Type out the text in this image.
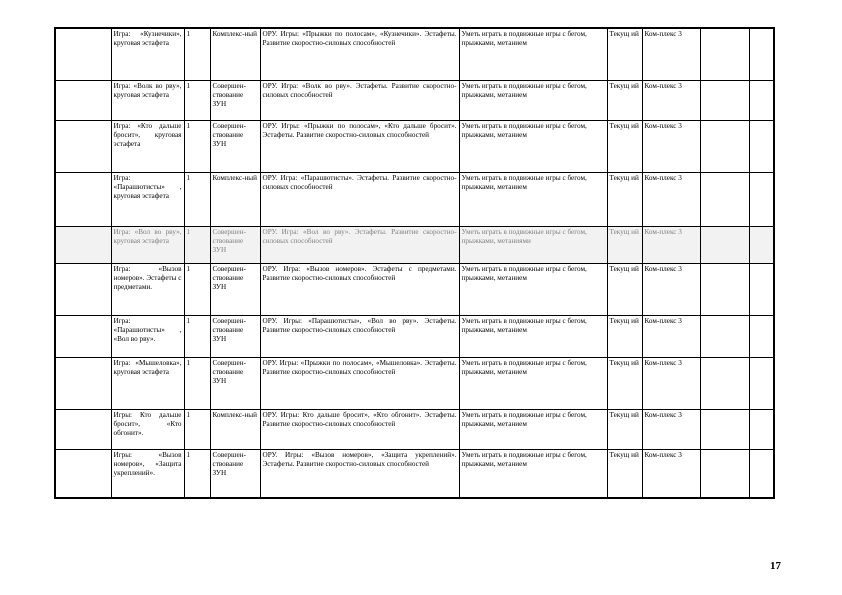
	Игра: «Кузнечики», круговая эстафета	1	Комплекс-ный	ОРУ. Игры: «Прыжки по полосам», «Кузнечики». Эстафеты. Развитие скоростно-силовых способностей	Уметь играть в подвижные игры с бегом, прыжками, метанием	Текущ ий	Ком-плекс 3		
	Игра: «Волк во рву», круговая эстафета	1	Совершен-ствование ЗУН	ОРУ. Игра: «Волк во рву». Эстафеты. Развитие скоростно-силовых способностей	Уметь играть в подвижные игры с бегом, прыжками, метанием	Текущ ий	Ком-плекс 3		
	Игра: «Кто дальше бросит», круговая эстафета	1	Совершен-ствование ЗУН	ОРУ. Игры: «Прыжки по полосам», «Кто дальше бросит». Эстафеты. Развитие скоростно-силовых способностей	Уметь играть в подвижные игры с бегом, прыжками, метанием	Текущ ий	Ком-плекс 3		
	Игра: «Парашютисты» , круговая эстафета	1	Комплекс-ный	ОРУ. Игра: «Парашютисты». Эстафеты. Развитие скоростно-силовых способностей	Уметь играть в подвижные игры с бегом, прыжками, метанием	Текущ ий	Ком-плекс 3		
	Игра: «Вол во рву», круговая эстафета	1	Совершен-ствование ЗУН	ОРУ. Игра: «Вол во рву». Эстафеты. Развитие скоростно-силовых способностей	Уметь играть в подвижные игры с бегом, прыжками, метаниями	Текущ ий	Ком-плекс 3		
	Игра: «Вызов номеров». Эстафеты с предметами.	1	Совершен-ствование ЗУН	ОРУ. Игра: «Вызов номеров». Эстафеты с предметами. Развитие скоростно-силовых способностей	Уметь играть в подвижные игры с бегом, прыжками, метанием	Текущ ий	Ком-плекс 3		
	Игра: «Парашютисты» , «Вол во рву».	1	Совершен-ствование ЗУН	ОРУ. Игры: «Парашютисты», «Вол во рву». Эстафеты. Развитие скоростно-силовых способностей	Уметь играть в подвижные игры с бегом, прыжками, метанием	Текущ ий	Ком-плекс 3		
	Игра: «Мышеловка», круговая эстафета	1	Совершен-ствование ЗУН	ОРУ. Игры: «Прыжки по полосам», «Мышеловка». Эстафеты. Развитие скоростно-силовых способностей	Уметь играть в подвижные игры с бегом, прыжками, метанием	Текущ ий	Ком-плекс 3		
	Игры: Кто дальше бросит», «Кто обгонит».	1	Комплекс-ный	ОРУ. Игры: Кто дальше бросит», «Кто обгонит». Эстафеты. Развитие скоростно-силовых способностей	Уметь играть в подвижные игры с бегом, прыжками, метанием	Текущ ий	Ком-плекс 3		
	Игры: «Вызов номеров», «Защита укреплений».	1	Совершен-ствование ЗУН	ОРУ. Игры: «Вызов номеров», «Защита укреплений». Эстафеты. Развитие скоростно-силовых способностей	Уметь играть в подвижные игры с бегом, прыжками, метанием	Текущ ий	Ком-плекс 3		
17
